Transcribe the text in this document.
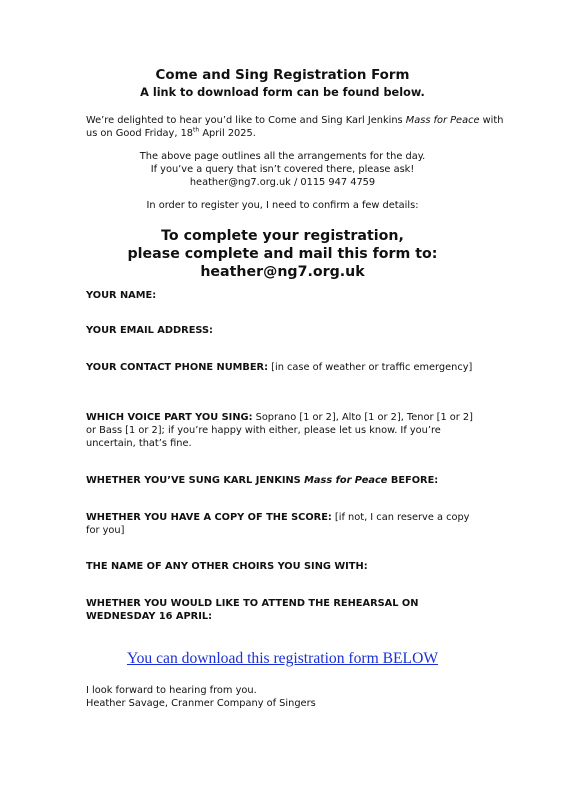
Come and Sing Registration Form
A link to download form can be found below.
We’re delighted to hear you’d like to Come and Sing Karl Jenkins Mass for Peace with us on Good Friday, 18th April 2025.
The above page outlines all the arrangements for the day.
If you’ve a query that isn’t covered there, please ask!
heather@ng7.org.uk / 0115 947 4759
In order to register you, I need to confirm a few details:
To complete your registration,
please complete and mail this form to:
heather@ng7.org.uk
YOUR NAME:
YOUR EMAIL ADDRESS:
YOUR CONTACT PHONE NUMBER: [in case of weather or traffic emergency]
WHICH VOICE PART YOU SING: Soprano [1 or 2], Alto [1 or 2], Tenor [1 or 2] or Bass [1 or 2]; if you’re happy with either, please let us know. If you’re uncertain, that’s fine.
WHETHER YOU’VE SUNG KARL JENKINS Mass for Peace BEFORE:
WHETHER YOU HAVE A COPY OF THE SCORE: [if not, I can reserve a copy for you]
THE NAME OF ANY OTHER CHOIRS YOU SING WITH:
WHETHER YOU WOULD LIKE TO ATTEND THE REHEARSAL ON WEDNESDAY 16 APRIL:
You can download this registration form BELOW
I look forward to hearing from you.
Heather Savage, Cranmer Company of Singers
